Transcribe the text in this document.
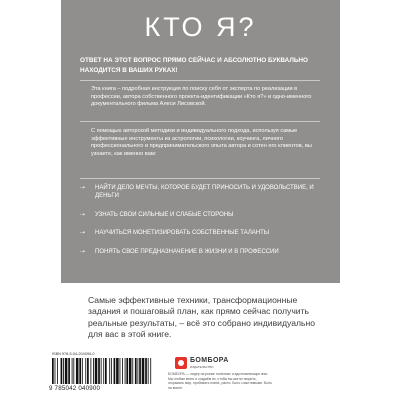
КТО Я?
ОТВЕТ НА ЭТОТ ВОПРОС ПРЯМО СЕЙЧАС И АБСОЛЮТНО БУКВАЛЬНО НАХОДИТСЯ В ВАШИХ РУКАХ!
Эта книга – подробная инструкция по поиску себя от эксперта по реализации в профессии, автора собственного проекта-идентификации «Кто я?» и одно-именного документального фильма Алеси Лисовской.
С помощью авторской методики и индивидуального подхода, используя самые эффективные инструменты из астрологии, психологии, коучинга, личного профессионального и предпринимательского опыта автора и сотен его клиентов, вы узнаете, как именно вам:
⇢ НАЙТИ ДЕЛО МЕЧТЫ, КОТОРОЕ БУДЕТ ПРИНОСИТЬ И УДОВОЛЬСТВИЕ, И ДЕНЬГИ
⇢ УЗНАТЬ СВОИ СИЛЬНЫЕ И СЛАБЫЕ СТОРОНЫ
⇢ НАУЧИТЬСЯ МОНЕТИЗИРОВАТЬ СОБСТВЕННЫЕ ТАЛАНТЫ
⇢ ПОНЯТЬ СВОЕ ПРЕДНАЗНАЧЕНИЕ В ЖИЗНИ И В ПРОФЕССИИ
Самые эффективные техники, трансформационные задания и пошаговый план, как прямо сейчас получить реальные результаты, – всё это собрано индивидуально для вас в этой книге.
ISBN 978-5-04-204090-0
9 785042 040900
БОМБОРА
ИЗДАТЕЛЬСТВО
БОМБОРА — лидер на рынке полезных и вдохновляющих книг. Мы любим книги и создаём их, чтобы вы могли творить, открывать мир, пробовать новое, расти. Быть счастливыми. Быть на волне.
